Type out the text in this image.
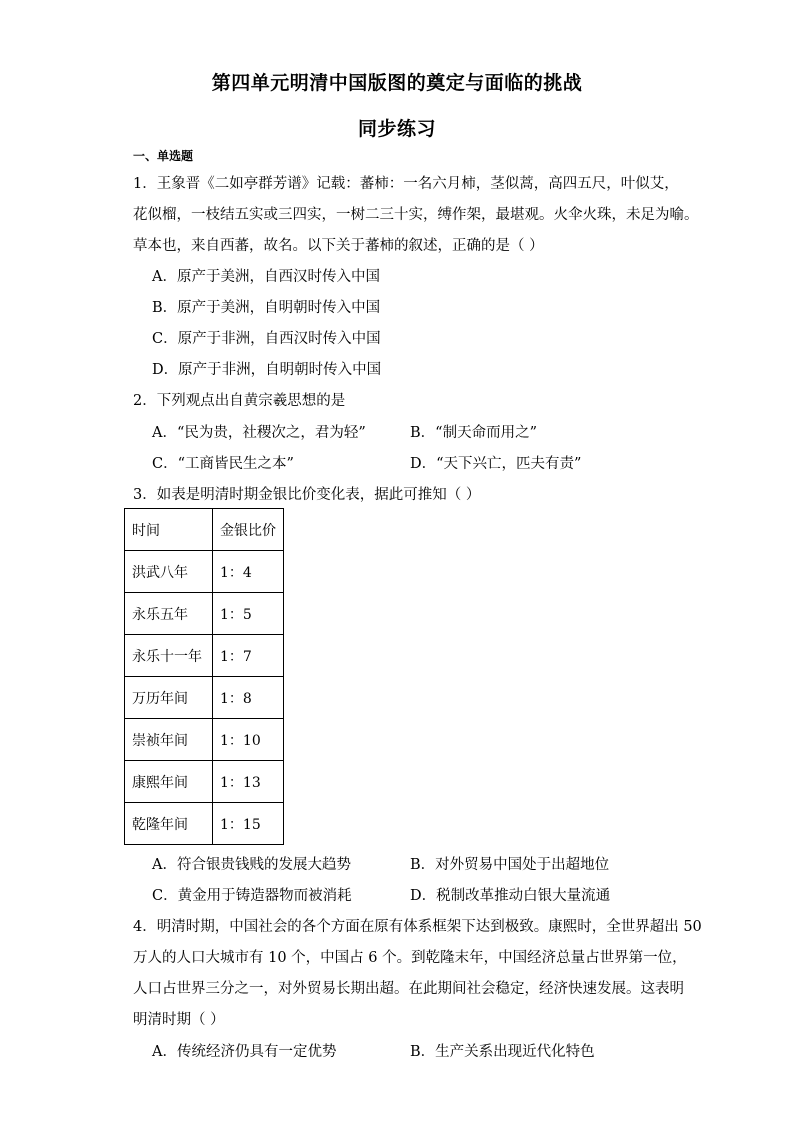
第四单元明清中国版图的奠定与面临的挑战
同步练习
一、单选题
1．王象晋《二如亭群芳谱》记载：蕃柿：一名六月柿，茎似蒿，高四五尺，叶似艾，
花似榴，一枝结五实或三四实，一树二三十实，缚作架，最堪观。火伞火珠，未足为喻。
草本也，来自西蕃，故名。以下关于蕃柿的叙述，正确的是（ ）
A．原产于美洲，自西汉时传入中国
B．原产于美洲，自明朝时传入中国
C．原产于非洲，自西汉时传入中国
D．原产于非洲，自明朝时传入中国
2．下列观点出自黄宗羲思想的是
A．“民为贵，社稷次之，君为轻”	B．“制天命而用之”
C．“工商皆民生之本”	D．“天下兴亡，匹夫有责”
3．如表是明清时期金银比价变化表，据此可推知（ ）
时间	金银比价
洪武八年	1：4
永乐五年	1：5
永乐十一年	1：7
万历年间	1：8
崇祯年间	1：10
康熙年间	1：13
乾隆年间	1：15
A．符合银贵钱贱的发展大趋势	B．对外贸易中国处于出超地位
C．黄金用于铸造器物而被消耗	D．税制改革推动白银大量流通
4．明清时期，中国社会的各个方面在原有体系框架下达到极致。康熙时，全世界超出 50
万人的人口大城市有 10 个，中国占 6 个。到乾隆末年，中国经济总量占世界第一位，
人口占世界三分之一，对外贸易长期出超。在此期间社会稳定，经济快速发展。这表明
明清时期（ ）
A．传统经济仍具有一定优势	B．生产关系出现近代化特色
